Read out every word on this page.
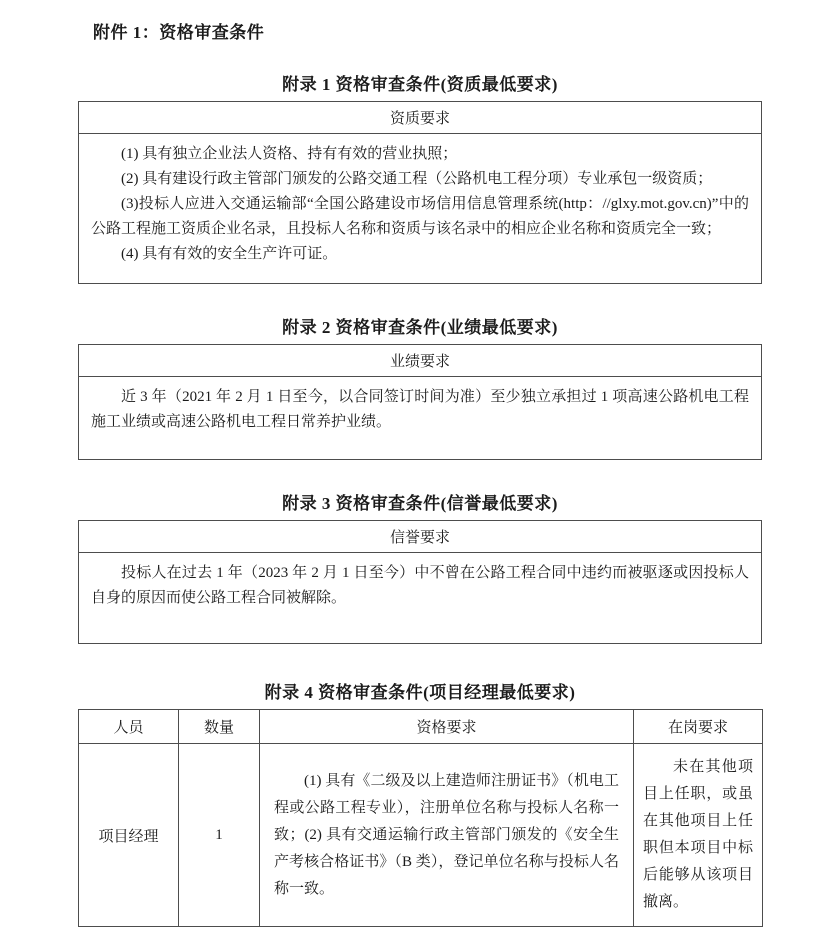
附件 1：资格审查条件

附录 1 资格审查条件(资质最低要求)

资质要求

(1) 具有独立企业法人资格、持有有效的营业执照；

(2) 具有建设行政主管部门颁发的公路交通工程（公路机电工程分项）专业承包一级资质；

(3)投标人应进入交通运输部“全国公路建设市场信用信息管理系统(http：//glxy.mot.gov.cn)”中的公路工程施工资质企业名录，且投标人名称和资质与该名录中的相应企业名称和资质完全一致；

(4) 具有有效的安全生产许可证。

附录 2 资格审查条件(业绩最低要求)

业绩要求

近 3 年（2021 年 2 月 1 日至今，以合同签订时间为准）至少独立承担过 1 项高速公路机电工程施工业绩或高速公路机电工程日常养护业绩。

附录 3 资格审查条件(信誉最低要求)

信誉要求

投标人在过去 1 年（2023 年 2 月 1 日至今）中不曾在公路工程合同中违约而被驱逐或因投标人自身的原因而使公路工程合同被解除。

附录 4 资格审查条件(项目经理最低要求)

人员	数量	资格要求	在岗要求
项目经理	1	(1) 具有《二级及以上建造师注册证书》（机电工程或公路工程专业），注册单位名称与投标人名称一致；(2) 具有交通运输行政主管部门颁发的《安全生产考核合格证书》（B 类），登记单位名称与投标人名称一致。	未在其他项目上任职，或虽在其他项目上任职但本项目中标后能够从该项目撤离。
